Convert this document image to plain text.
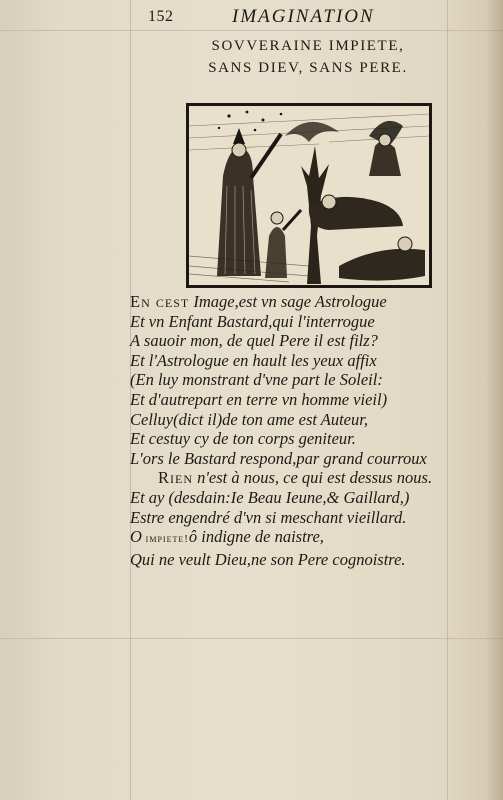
152	IMAGINATION
SOVVERAINE IMPIETE,
SANS DIEV, SANS PERE.
En cest Image,est vn sage Astrologue
Et vn Enfant Bastard,qui l'interrogue
A sauoir mon, de quel Pere il est filz?
Et l'Astrologue en hault les yeux affix
(En luy monstrant d'vne part le Soleil:
Et d'autrepart en terre vn homme vieil)
Celluy(dict il)de ton ame est Auteur,
Et cestuy cy de ton corps geniteur.
L'ors le Bastard respond,par grand courroux
Rien n'est à nous, ce qui est dessus nous.
Et ay (desdain:Ie Beau Ieune,& Gaillard,)
Estre engendré d'vn si meschant vieillard.
O impiete!ô indigne de naistre,
Qui ne veult Dieu,ne son Pere cognoistre.
